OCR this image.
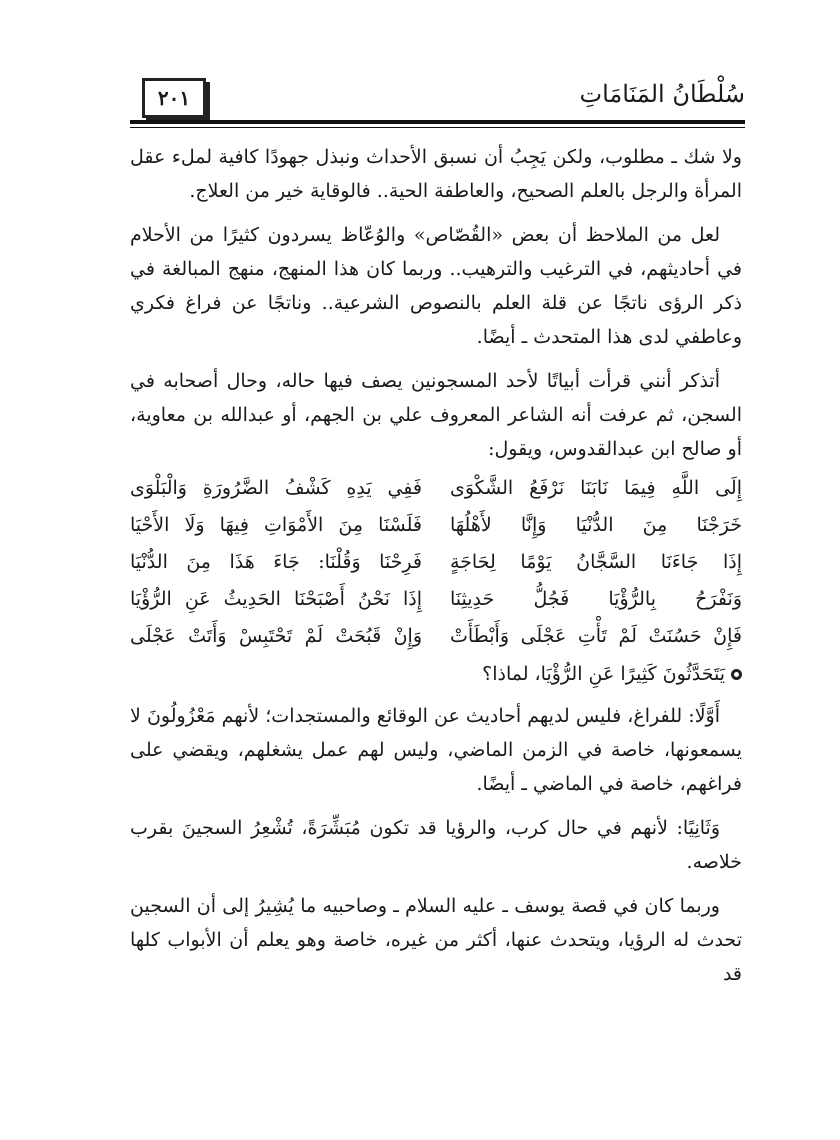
٢٠١	سُلْطَانُ المَنَامَاتِ

ولا شك ـ مطلوب، ولكن يَجِبُ أن نسبق الأحداث ونبذل جهودًا كافية لملء عقل المرأة والرجل بالعلم الصحيح، والعاطفة الحية.. فالوقاية خير من العلاج.

لعل من الملاحظ أن بعض «القُصّاص» والوُعّاظ يسردون كثيرًا من الأحلام في أحاديثهم، في الترغيب والترهيب.. وربما كان هذا المنهج، منهج المبالغة في ذكر الرؤى ناتجًا عن قلة العلم بالنصوص الشرعية.. وناتجًا عن فراغ فكري وعاطفي لدى هذا المتحدث ـ أيضًا.

أتذكر أنني قرأت أبياتًا لأحد المسجونين يصف فيها حاله، وحال أصحابه في السجن، ثم عرفت أنه الشاعر المعروف علي بن الجهم، أو عبدالله بن معاوية، أو صالح ابن عبدالقدوس، ويقول:

إِلَى اللَّهِ فِيمَا نَابَنَا نَرْفَعُ الشَّكْوَى
فَفِي يَدِهِ كَشْفُ الضَّرُورَةِ وَالْبَلْوَى
خَرَجْنَا مِنَ الدُّنْيَا وَإِنَّا لأَهْلُهَا
فَلَسْنَا مِنَ الأَمْوَاتِ فِيهَا وَلَا الأَحْيَا
إِذَا جَاءَنَا السَّجَّانُ يَوْمًا لِحَاجَةٍ
فَرِحْنَا وَقُلْنَا: جَاءَ هَذَا مِنَ الدُّنْيَا
وَنَفْرَحُ بِالرُّؤْيَا فَجُلُّ حَدِيثِنَا
إِذَا نَحْنُ أَصْبَحْنَا الحَدِيثُ عَنِ الرُّؤْيَا
فَإِنْ حَسُنَتْ لَمْ تَأْتِ عَجْلَى وَأَبْطَأَتْ
وَإِنْ قَبُحَتْ لَمْ تَحْتَبِسْ وَأَتَتْ عَجْلَى
يَتَحَدَّثُونَ كَثِيرًا عَنِ الرُّؤْيَا، لماذا؟

أَوَّلًا: للفراغ، فليس لديهم أحاديث عن الوقائع والمستجدات؛ لأنهم مَعْزُولُونَ لا يسمعونها، خاصة في الزمن الماضي، وليس لهم عمل يشغلهم، ويقضي على فراغهم، خاصة في الماضي ـ أيضًا.

وَثَانِيًا: لأنهم في حال كرب، والرؤيا قد تكون مُبَشِّرَةً، تُشْعِرُ السجينَ بقرب خلاصه.

وربما كان في قصة يوسف ـ عليه السلام ـ وصاحبيه ما يُشِيرُ إلى أن السجين تحدث له الرؤيا، ويتحدث عنها، أكثر من غيره، خاصة وهو يعلم أن الأبواب كلها قد
